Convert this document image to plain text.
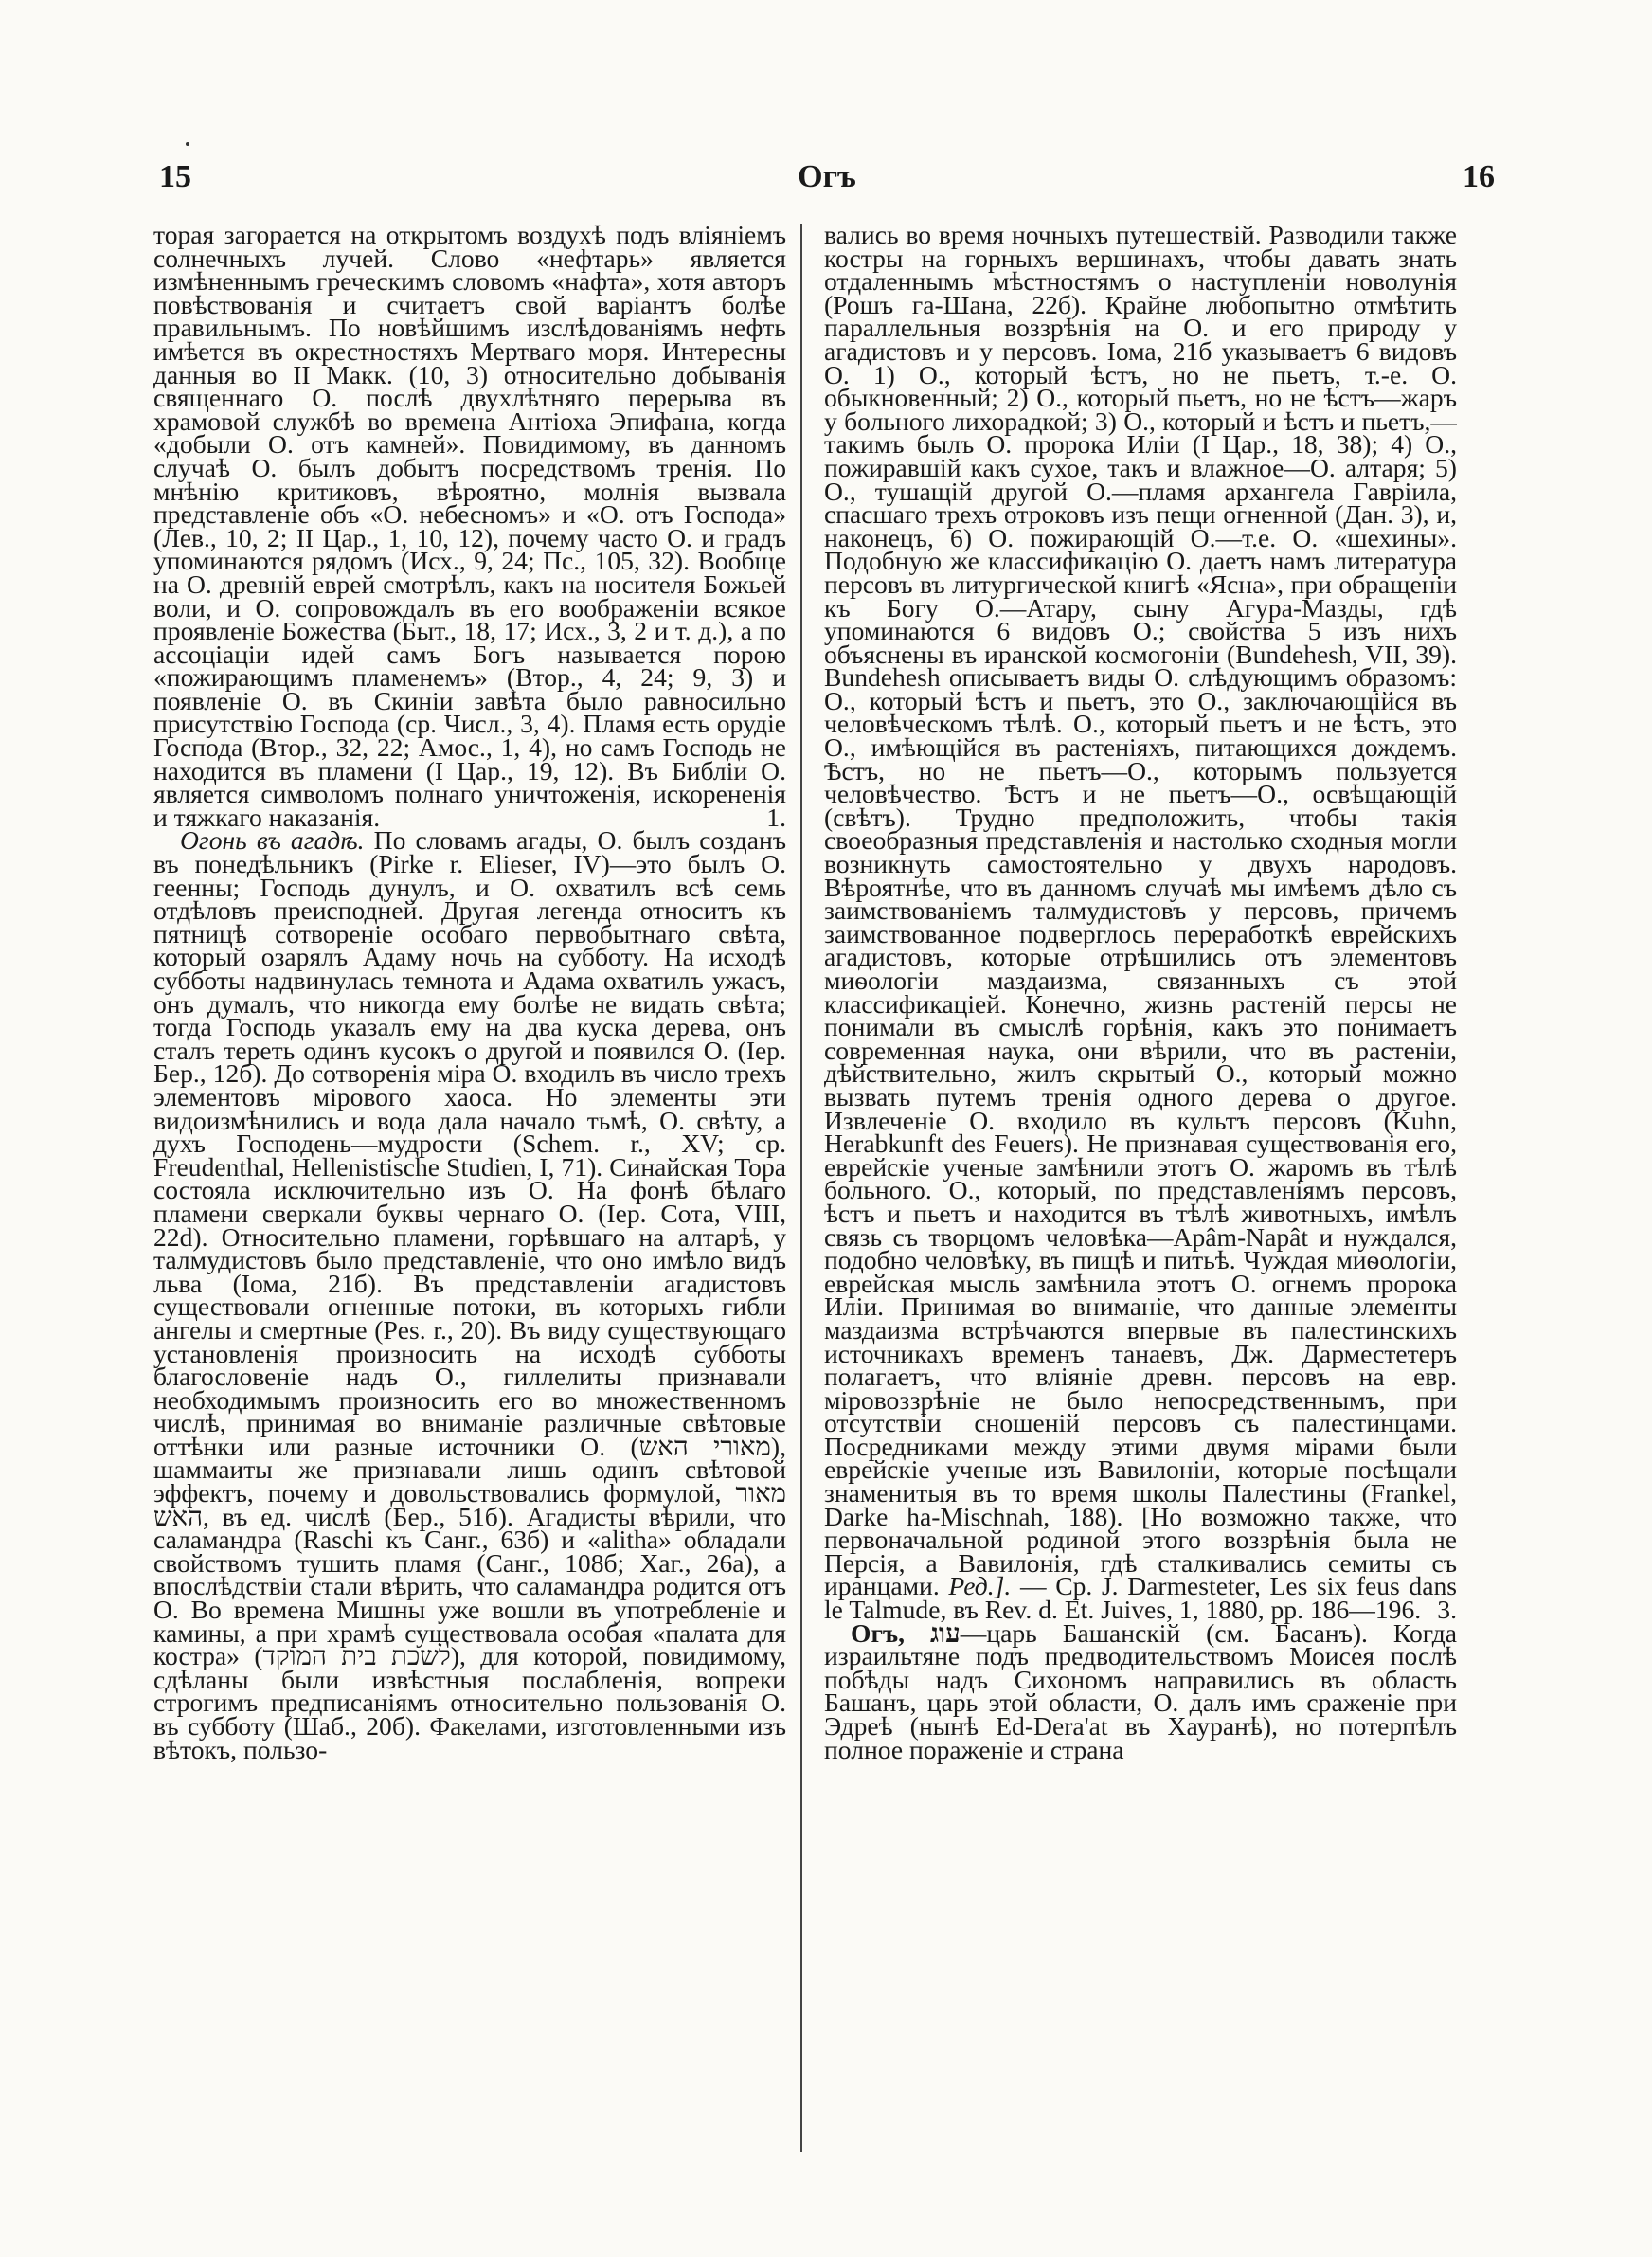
15	Огъ	16

торая загорается на открытомъ воздухѣ подъ вліяніемъ солнечныхъ лучей. Слово «нефтарь» является измѣненнымъ греческимъ словомъ «нафта», хотя авторъ повѣствованія и считаетъ свой варіантъ болѣе правильнымъ. По новѣйшимъ изслѣдованіямъ нефть имѣется въ окрестностяхъ Мертваго моря. Интересны данныя во II Макк. (10, 3) относительно добыванія священнаго О. послѣ двухлѣтняго перерыва въ храмовой службѣ во времена Антіоха Эпифана, когда «добыли О. отъ камней». Повидимому, въ данномъ случаѣ О. былъ добытъ посредствомъ тренія. По мнѣнію критиковъ, вѣроятно, молнія вызвала представленіе объ «О. небесномъ» и «О. отъ Господа» (Лев., 10, 2; II Цар., 1, 10, 12), почему часто О. и градъ упоминаются рядомъ (Исх., 9, 24; Пс., 105, 32). Вообще на О. древній еврей смотрѣлъ, какъ на носителя Божьей воли, и О. сопровождалъ въ его воображеніи всякое проявленіе Божества (Быт., 18, 17; Исх., 3, 2 и т. д.), а по ассоціаціи идей самъ Богъ называется порою «пожирающимъ пламенемъ» (Втор., 4, 24; 9, 3) и появленіе О. въ Скиніи завѣта было равносильно присутствію Господа (ср. Числ., 3, 4). Пламя есть орудіе Господа (Втор., 32, 22; Амос., 1, 4), но самъ Господь не находится въ пламени (I Цар., 19, 12). Въ Библіи О. является символомъ полнаго уничтоженія, искорененія и тяжкаго наказанія.	1.

Огонь въ агадѣ. По словамъ агады, О. былъ созданъ въ понедѣльникъ (Pirke r. Elieser, IV)—это былъ О. геенны; Господь дунулъ, и О. охватилъ всѣ семь отдѣловъ преисподней. Другая легенда относитъ къ пятницѣ сотвореніе особаго первобытнаго свѣта, который озарялъ Адаму ночь на субботу. На исходѣ субботы надвинулась темнота и Адама охватилъ ужасъ, онъ думалъ, что никогда ему болѣе не видать свѣта; тогда Господь указалъ ему на два куска дерева, онъ сталъ тереть одинъ кусокъ о другой и появился О. (Іер. Бер., 12б). До сотворенія міра О. входилъ въ число трехъ элементовъ мірового хаоса. Но элементы эти видоизмѣнились и вода дала начало тьмѣ, О. свѣту, а духъ Господень—мудрости (Schem. r., XV; ср. Freudenthal, Hellenistische Studien, I, 71). Синайская Тора состояла исключительно изъ О. На фонѣ бѣлаго пламени сверкали буквы чернаго О. (Іер. Сота, VIII, 22d). Относительно пламени, горѣвшаго на алтарѣ, у талмудистовъ было представленіе, что оно имѣло видъ льва (Іома, 21б). Въ представленіи агадистовъ существовали огненные потоки, въ которыхъ гибли ангелы и смертные (Pes. r., 20). Въ виду существующаго установленія произносить на исходѣ субботы благословеніе надъ О., гиллелиты признавали необходимымъ произносить его во множественномъ числѣ, принимая во вниманіе различные свѣтовые оттѣнки или разные источники О. (מאורי האש), шаммаиты же признавали лишь одинъ свѣтовой эффектъ, почему и довольствовались формулой, מאור האש, въ ед. числѣ (Бер., 51б). Агадисты вѣрили, что саламандра (Raschi къ Санг., 63б) и «alitha» обладали свойствомъ тушить пламя (Санг., 108б; Хаг., 26а), а впослѣдствіи стали вѣрить, что саламандра родится отъ О. Во времена Мишны уже вошли въ употребленіе и камины, а при храмѣ существовала особая «палата для костра» (לשכת בית המוקד), для которой, повидимому, сдѣланы были извѣстныя послабленія, вопреки строгимъ предписаніямъ относительно пользованія О. въ субботу (Шаб., 20б). Факелами, изготовленными изъ вѣтокъ, пользо-

вались во время ночныхъ путешествій. Разводили также костры на горныхъ вершинахъ, чтобы давать знать отдаленнымъ мѣстностямъ о наступленіи новолунія (Рошъ га-Шана, 22б). Крайне любопытно отмѣтить параллельныя воззрѣнія на О. и его природу у агадистовъ и у персовъ. Іома, 21б указываетъ 6 видовъ О. 1) О., который ѣстъ, но не пьетъ, т.-е. О. обыкновенный; 2) О., который пьетъ, но не ѣстъ—жаръ у больного лихорадкой; 3) О., который и ѣстъ и пьетъ,—такимъ былъ О. пророка Иліи (I Цар., 18, 38); 4) О., пожиравшій какъ сухое, такъ и влажное—О. алтаря; 5) О., тушащій другой О.—пламя архангела Гавріила, спасшаго трехъ отроковъ изъ пещи огненной (Дан. 3), и, наконецъ, 6) О. пожирающій О.—т.е. О. «шехины». Подобную же классификацію О. даетъ намъ литература персовъ въ литургической книгѣ «Ясна», при обращеніи къ Богу О.—Атару, сыну Агура-Мазды, гдѣ упоминаются 6 видовъ О.; свойства 5 изъ нихъ объяснены въ иранской космогоніи (Bundehesh, VII, 39). Bundehesh описываетъ виды О. слѣдующимъ образомъ: О., который ѣстъ и пьетъ, это О., заключающійся въ человѣческомъ тѣлѣ. О., который пьетъ и не ѣстъ, это О., имѣющійся въ растеніяхъ, питающихся дождемъ. Ѣстъ, но не пьетъ—О., которымъ пользуется человѣчество. Ѣстъ и не пьетъ—О., освѣщающій (свѣтъ). Трудно предположить, чтобы такія своеобразныя представленія и настолько сходныя могли возникнуть самостоятельно у двухъ народовъ. Вѣроятнѣе, что въ данномъ случаѣ мы имѣемъ дѣло съ заимствованіемъ талмудистовъ у персовъ, причемъ заимствованное подверглось переработкѣ еврейскихъ агадистовъ, которые отрѣшились отъ элементовъ миѳологіи маздаизма, связанныхъ съ этой классификаціей. Конечно, жизнь растеній персы не понимали въ смыслѣ горѣнія, какъ это понимаетъ современная наука, они вѣрили, что въ растеніи, дѣйствительно, жилъ скрытый О., который можно вызвать путемъ тренія одного дерева о другое. Извлеченіе О. входило въ культъ персовъ (Kuhn, Herabkunft des Feuers). Не признавая существованія его, еврейскіе ученые замѣнили этотъ О. жаромъ въ тѣлѣ больного. О., который, по представленіямъ персовъ, ѣстъ и пьетъ и находится въ тѣлѣ животныхъ, имѣлъ связь съ творцомъ человѣка—Apâm-Napât и нуждался, подобно человѣку, въ пищѣ и питьѣ. Чуждая миѳологіи, еврейская мысль замѣнила этотъ О. огнемъ пророка Иліи. Принимая во вниманіе, что данные элементы маздаизма встрѣчаются впервые въ палестинскихъ источникахъ временъ танаевъ, Дж. Дарместетеръ полагаетъ, что вліяніе древн. персовъ на евр. міровоззрѣніе не было непосредственнымъ, при отсутствіи сношеній персовъ съ палестинцами. Посредниками между этими двумя мірами были еврейскіе ученые изъ Вавилоніи, которые посѣщали знаменитыя въ то время школы Палестины (Frankel, Darke ha-Mischnah, 188). [Но возможно также, что первоначальной родиной этого воззрѣнія была не Персія, а Вавилонія, гдѣ сталкивались семиты съ иранцами. Ред.]. — Ср. J. Darmesteter, Les six feus dans le Talmude, въ Rev. d. Et. Juives, 1, 1880, pp. 186—196. 3.

Огъ, עוג—царь Башанскій (см. Басанъ). Когда израильтяне подъ предводительствомъ Моисея послѣ побѣды надъ Сихономъ направились въ область Башанъ, царь этой области, О. далъ имъ сраженіе при Эдреѣ (нынѣ Ed-Dera'at въ Хауранѣ), но потерпѣлъ полное пораженіе и страна
